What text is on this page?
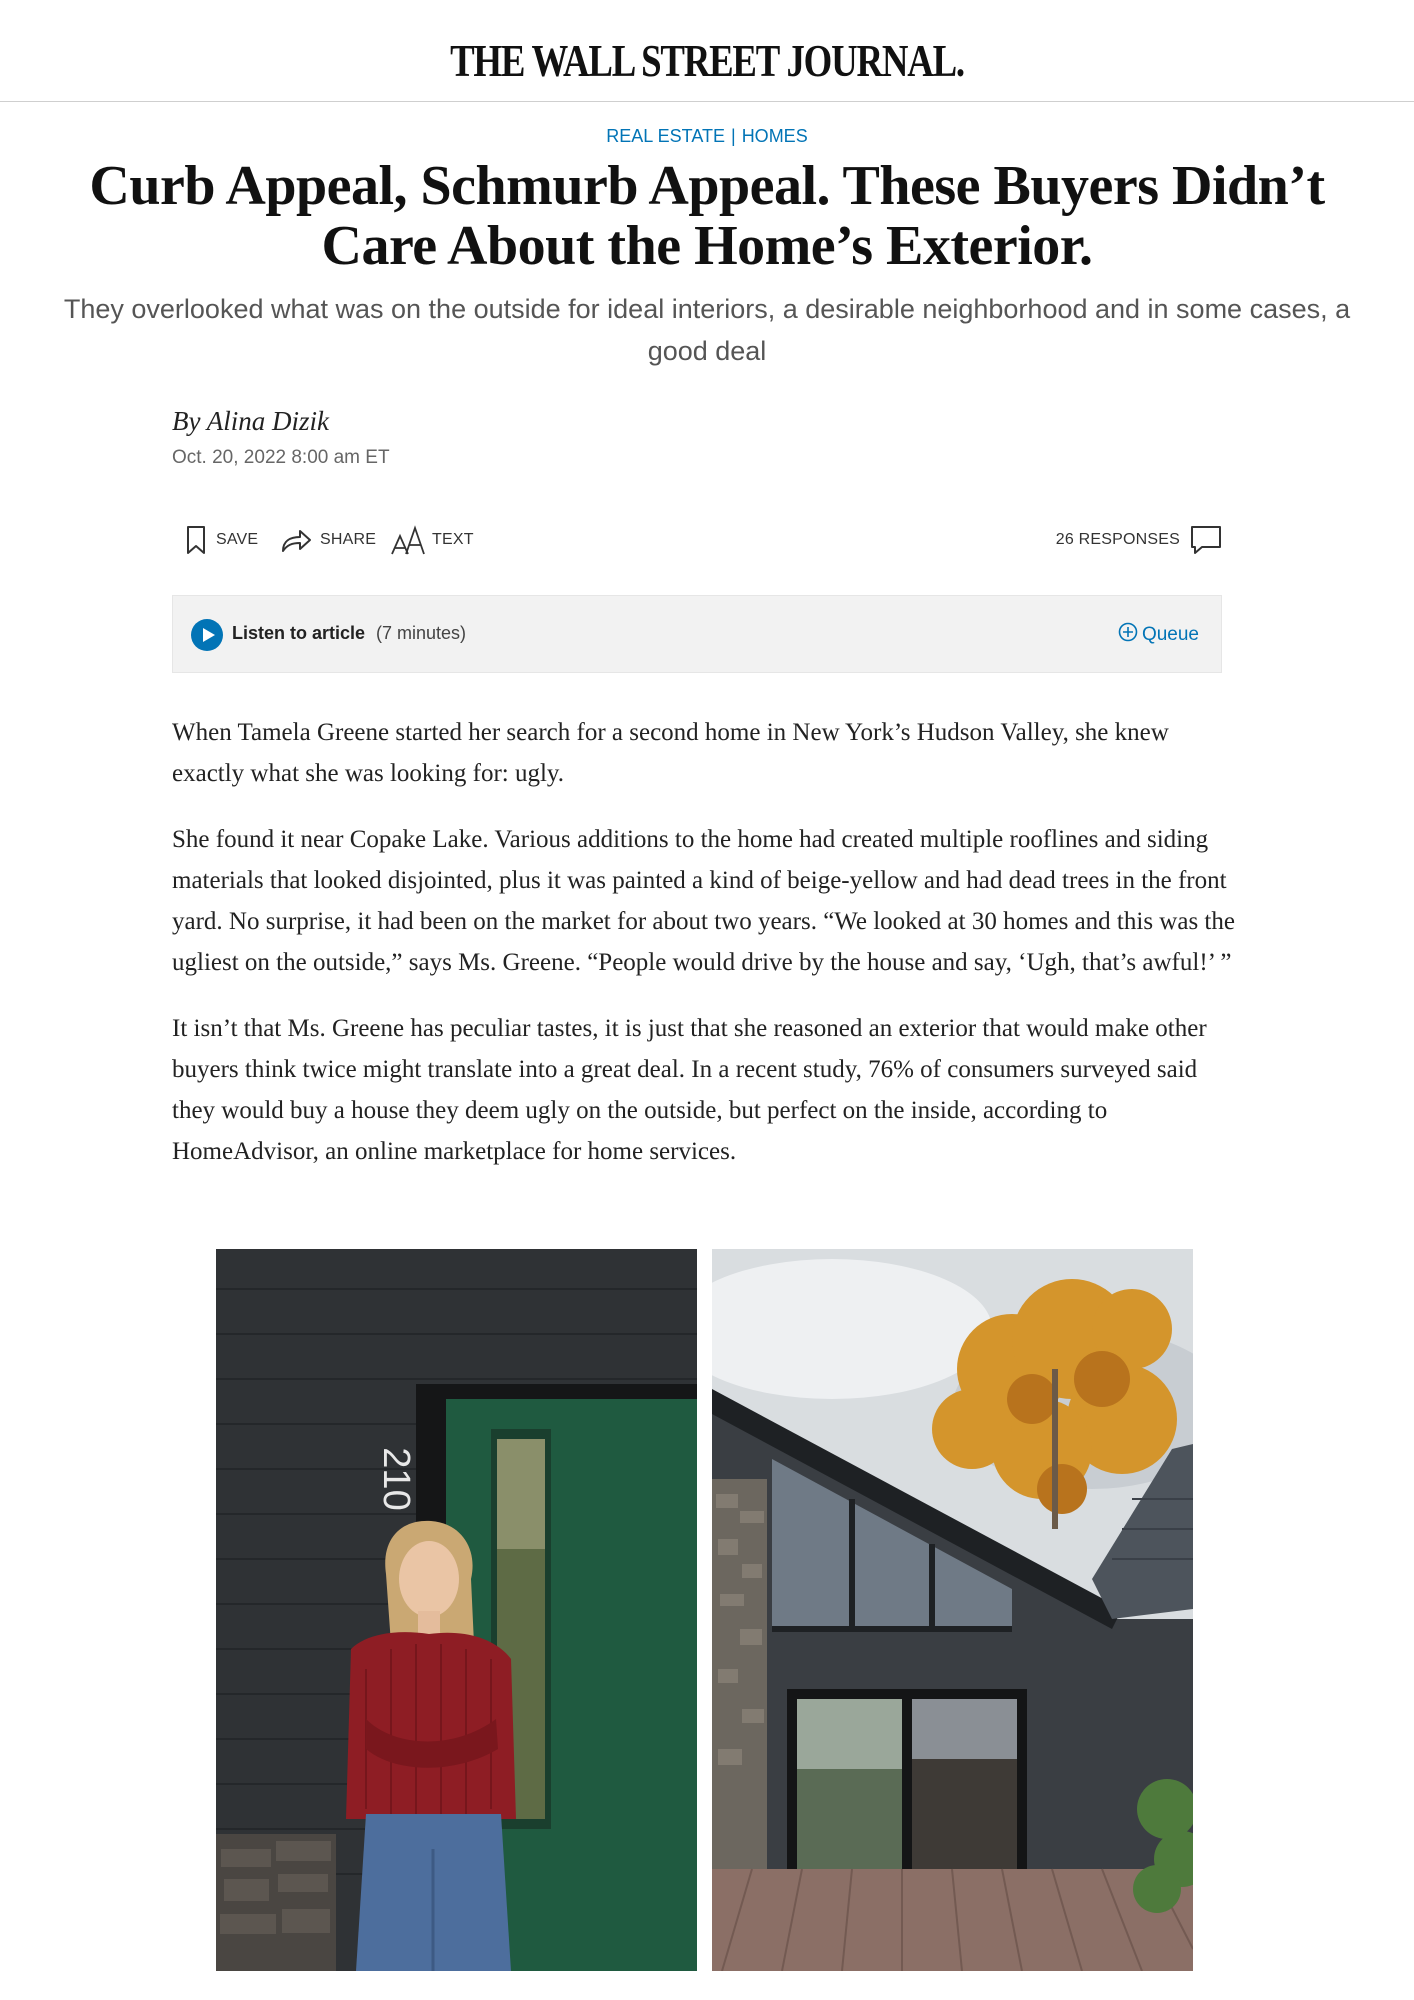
THE WALL STREET JOURNAL.
REAL ESTATE | HOMES
Curb Appeal, Schmurb Appeal. These Buyers Didn’t Care About the Home’s Exterior.
They overlooked what was on the outside for ideal interiors, a desirable neighborhood and in some cases, a good deal
By Alina Dizik
Oct. 20, 2022 8:00 am ET
SAVE	SHARE	TEXT	26 RESPONSES
Listen to article (7 minutes)	Queue

When Tamela Greene started her search for a second home in New York’s Hudson Valley, she knew exactly what she was looking for: ugly.

She found it near Copake Lake. Various additions to the home had created multiple rooflines and siding materials that looked disjointed, plus it was painted a kind of beige-yellow and had dead trees in the front yard. No surprise, it had been on the market for about two years. “We looked at 30 homes and this was the ugliest on the outside,” says Ms. Greene. “People would drive by the house and say, ‘Ugh, that’s awful!’ ”

It isn’t that Ms. Greene has peculiar tastes, it is just that she reasoned an exterior that would make other buyers think twice might translate into a great deal. In a recent study, 76% of consumers surveyed said they would buy a house they deem ugly on the outside, but perfect on the inside, according to HomeAdvisor, an online marketplace for home services.

210
